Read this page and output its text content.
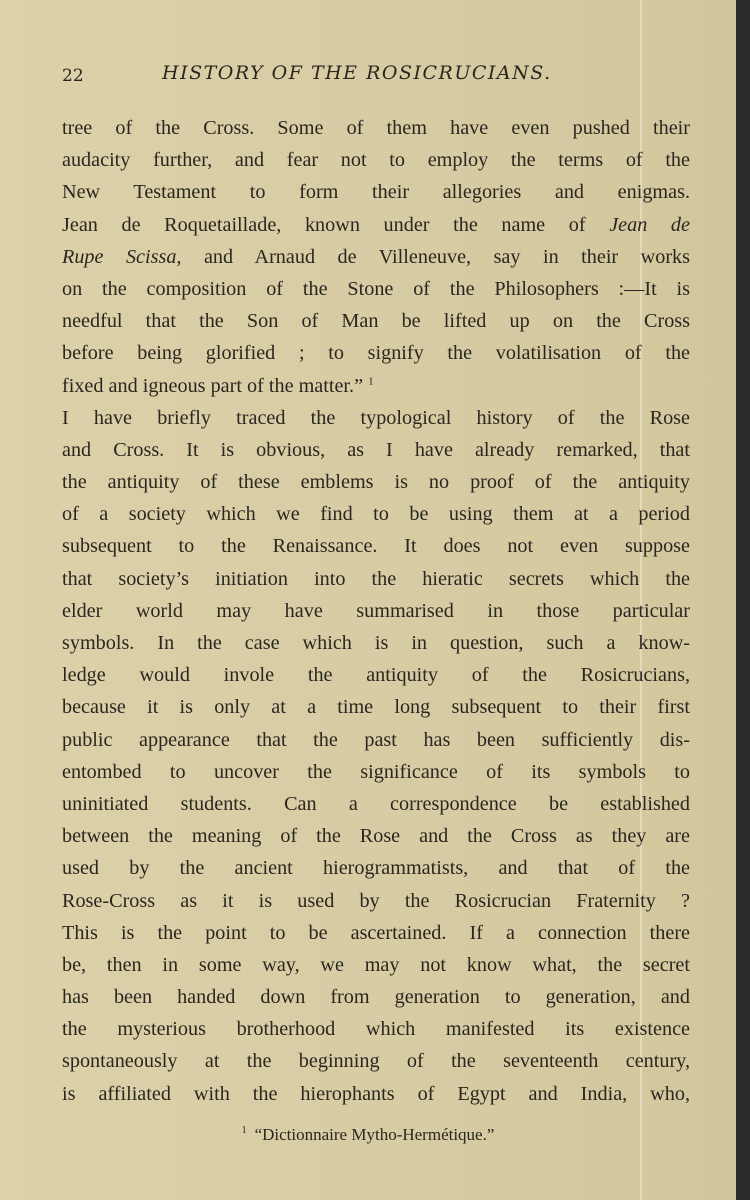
22	HISTORY OF THE ROSICRUCIANS.
tree of the Cross. Some of them have even pushed their
audacity further, and fear not to employ the terms of the
New Testament to form their allegories and enigmas.
Jean de Roquetaillade, known under the name of Jean de
Rupe Scissa, and Arnaud de Villeneuve, say in their works
on the composition of the Stone of the Philosophers :—It is
needful that the Son of Man be lifted up on the Cross
before being glorified ; to signify the volatilisation of the
fixed and igneous part of the matter.” $^1$
I have briefly traced the typological history of the Rose
and Cross. It is obvious, as I have already remarked, that
the antiquity of these emblems is no proof of the antiquity
of a society which we find to be using them at a period
subsequent to the Renaissance. It does not even suppose
that society’s initiation into the hieratic secrets which the
elder world may have summarised in those particular
symbols. In the case which is in question, such a know-
ledge would invole the antiquity of the Rosicrucians,
because it is only at a time long subsequent to their first
public appearance that the past has been sufficiently dis-
entombed to uncover the significance of its symbols to
uninitiated students. Can a correspondence be established
between the meaning of the Rose and the Cross as they are
used by the ancient hierogrammatists, and that of the
Rose-Cross as it is used by the Rosicrucian Fraternity ?
This is the point to be ascertained. If a connection there
be, then in some way, we may not know what, the secret
has been handed down from generation to generation, and
the mysterious brotherhood which manifested its existence
spontaneously at the beginning of the seventeenth century,
is affiliated with the hierophants of Egypt and India, who,
$^1$ “Dictionnaire Mytho-Hermétique.”
